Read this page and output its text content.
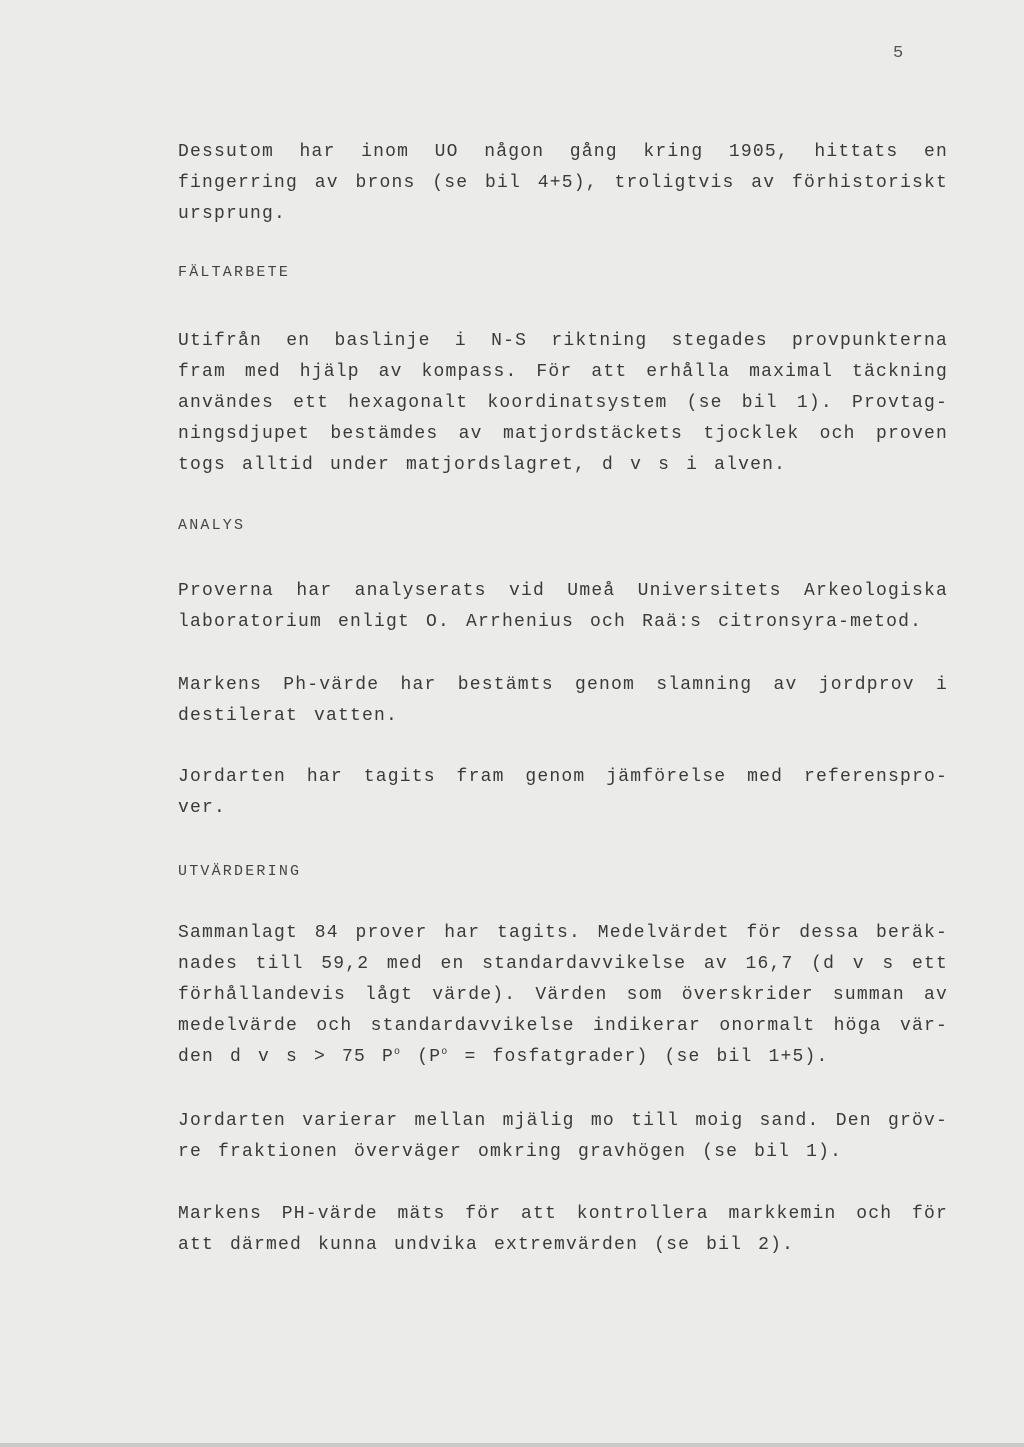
5
Dessutom har inom UO någon gång kring 1905, hittats en
fingerring av brons (se bil 4+5), troligtvis av förhistoriskt
ursprung.
FÄLTARBETE
Utifrån en baslinje i N-S riktning stegades provpunkterna
fram med hjälp av kompass. För att erhålla maximal täckning
användes ett hexagonalt koordinatsystem (se bil 1). Provtag-
ningsdjupet bestämdes av matjordstäckets tjocklek och proven
togs alltid under matjordslagret, d v s i alven.
ANALYS
Proverna har analyserats vid Umeå Universitets Arkeologiska
laboratorium enligt O. Arrhenius och Raä:s citronsyra-metod.
Markens Ph-värde har bestämts genom slamning av jordprov i
destilerat vatten.
Jordarten har tagits fram genom jämförelse med referenspro-
ver.
UTVÄRDERING
Sammanlagt 84 prover har tagits. Medelvärdet för dessa beräk-
nades till 59,2 med en standardavvikelse av 16,7 (d v s ett
förhållandevis lågt värde). Värden som överskrider summan av
medelvärde och standardavvikelse indikerar onormalt höga vär-
den d v s > 75 $P^o$ ($P^o$ = fosfatgrader) (se bil 1+5).
Jordarten varierar mellan mjälig mo till moig sand. Den gröv-
re fraktionen överväger omkring gravhögen (se bil 1).
Markens PH-värde mäts för att kontrollera markkemin och för
att därmed kunna undvika extremvärden (se bil 2).
